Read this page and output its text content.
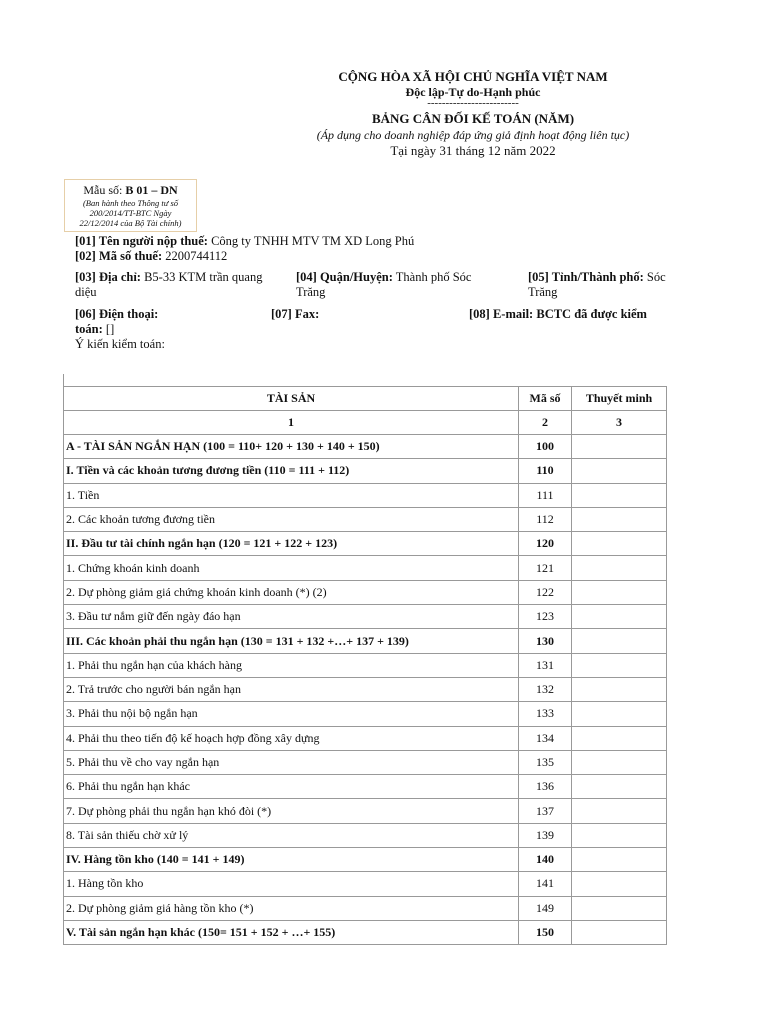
CỘNG HÒA XÃ HỘI CHỦ NGHĨA VIỆT NAM
Độc lập-Tự do-Hạnh phúc
-------------------------
BẢNG CÂN ĐỐI KẾ TOÁN (NĂM)
(Áp dụng cho doanh nghiệp đáp ứng giả định hoạt động liên tục)
Tại ngày 31 tháng 12 năm 2022
Mẫu số: B 01 – DN
(Ban hành theo Thông tư số
200/2014/TT-BTC Ngày
22/12/2014 của Bộ Tài chính)
[01] Tên người nộp thuế: Công ty TNHH MTV TM XD Long Phú
[02] Mã số thuế: 2200744112
[03] Địa chỉ: B5-33 KTM trần quang
diệu
[04] Quận/Huyện: Thành phố Sóc
Trăng
[05] Tỉnh/Thành phố: Sóc
Trăng
[06] Điện thoại:	[07] Fax:	[08] E-mail: BCTC đã được kiểm
toán: []
Ý kiến kiểm toán:
TÀI SẢN	Mã số	Thuyết minh
1	2	3
A - TÀI SẢN NGẮN HẠN (100 = 110+ 120 + 130 + 140 + 150)	100	
I. Tiền và các khoản tương đương tiền (110 = 111 + 112)	110	
1. Tiền	111	
2. Các khoản tương đương tiền	112	
II. Đầu tư tài chính ngắn hạn (120 = 121 + 122 + 123)	120	
1. Chứng khoán kinh doanh	121	
2. Dự phòng giảm giá chứng khoán kinh doanh (*) (2)	122	
3. Đầu tư nắm giữ đến ngày đáo hạn	123	
III. Các khoản phải thu ngắn hạn (130 = 131 + 132 +…+ 137 + 139)	130	
1. Phải thu ngắn hạn của khách hàng	131	
2. Trả trước cho người bán ngắn hạn	132	
3. Phải thu nội bộ ngắn hạn	133	
4. Phải thu theo tiến độ kế hoạch hợp đồng xây dựng	134	
5. Phải thu về cho vay ngắn hạn	135	
6. Phải thu ngắn hạn khác	136	
7. Dự phòng phải thu ngắn hạn khó đòi (*)	137	
8. Tài sản thiếu chờ xử lý	139	
IV. Hàng tồn kho (140 = 141 + 149)	140	
1. Hàng tồn kho	141	
2. Dự phòng giảm giá hàng tồn kho (*)	149	
V. Tài sản ngắn hạn khác (150= 151 + 152 + …+ 155)	150	
